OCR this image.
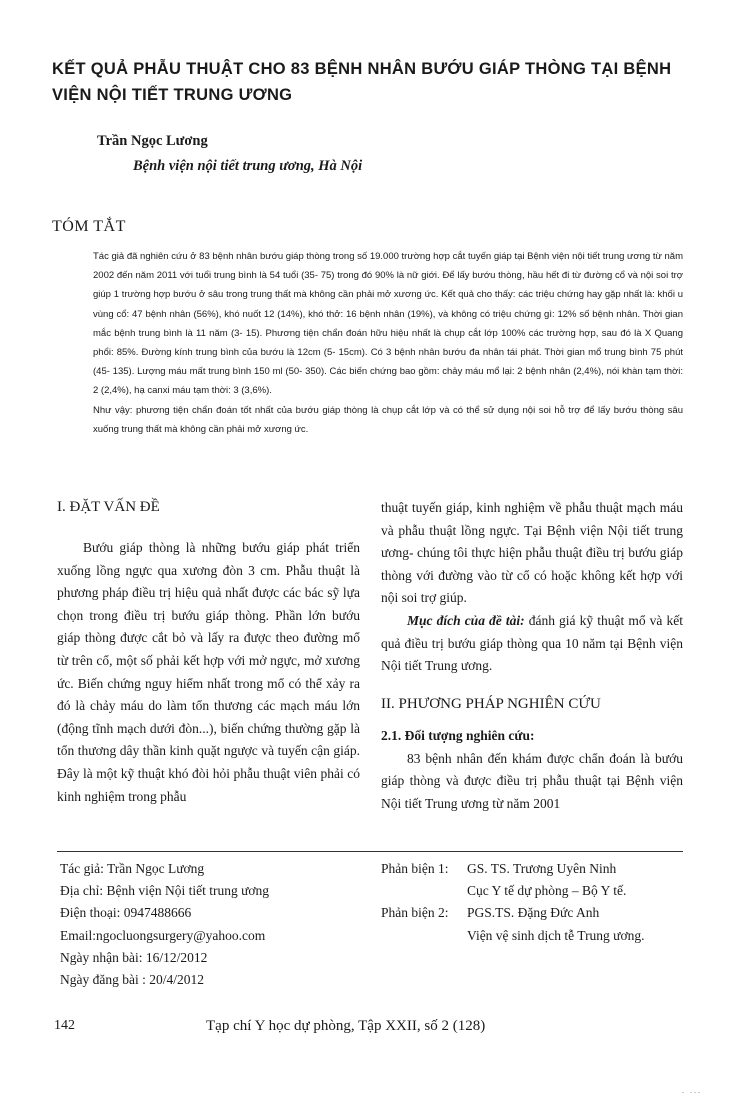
KẾT QUẢ PHẪU THUẬT CHO 83 BỆNH NHÂN BƯỚU GIÁP THÒNG TẠI BỆNH VIỆN NỘI TIẾT TRUNG ƯƠNG
Trần Ngọc Lương
Bệnh viện nội tiết trung ương, Hà Nội
TÓM TẮT

Tác giả đã nghiên cứu ở 83 bệnh nhân bướu giáp thòng trong số 19.000 trường hợp cắt tuyến giáp tại Bệnh viện nội tiết trung ương từ năm 2002 đến năm 2011 với tuổi trung bình là 54 tuổi (35- 75) trong đó 90% là nữ giới. Để lấy bướu thòng, hầu hết đi từ đường cổ và nội soi trợ giúp 1 trường hợp bướu ở sâu trong trung thất mà không cần phải mở xương ức. Kết quả cho thấy: các triệu chứng hay gặp nhất là: khối u vùng cổ: 47 bệnh nhân (56%), khó nuốt 12 (14%), khó thở: 16 bệnh nhân (19%), và không có triệu chứng gì: 12% số bệnh nhân. Thời gian mắc bệnh trung bình là 11 năm (3- 15). Phương tiện chẩn đoán hữu hiệu nhất là chụp cắt lớp 100% các trường hợp, sau đó là X Quang phổi: 85%. Đường kính trung bình của bướu là 12cm (5- 15cm). Có 3 bệnh nhân bướu đa nhân tái phát. Thời gian mổ trung bình 75 phút (45- 135). Lượng máu mất trung bình 150 ml (50- 350). Các biến chứng bao gồm: chảy máu mổ lại: 2 bệnh nhân (2,4%), nói khàn tạm thời: 2 (2,4%), hạ canxi máu tạm thời: 3 (3,6%).

Như vậy: phương tiện chẩn đoán tốt nhất của bướu giáp thòng là chụp cắt lớp và có thể sử dụng nội soi hỗ trợ để lấy bướu thòng sâu xuống trung thất mà không cần phải mở xương ức.

I. ĐẶT VẤN ĐỀ

Bướu giáp thòng là những bướu giáp phát triển xuống lồng ngực qua xương đòn 3 cm. Phẫu thuật là phương pháp điều trị hiệu quả nhất được các bác sỹ lựa chọn trong điều trị bướu giáp thòng. Phần lớn bướu giáp thòng được cắt bỏ và lấy ra được theo đường mổ từ trên cổ, một số phải kết hợp với mở ngực, mở xương ức. Biến chứng nguy hiểm nhất trong mổ có thể xảy ra đó là chảy máu do làm tổn thương các mạch máu lớn (động tĩnh mạch dưới đòn...), biến chứng thường gặp là tổn thương dây thần kinh quặt ngược và tuyến cận giáp. Đây là một kỹ thuật khó đòi hỏi phẫu thuật viên phải có kinh nghiệm trong phẫu

thuật tuyến giáp, kinh nghiệm về phẫu thuật mạch máu và phẫu thuật lồng ngực. Tại Bệnh viện Nội tiết trung ương- chúng tôi thực hiện phẫu thuật điều trị bướu giáp thòng với đường vào từ cổ có hoặc không kết hợp với nội soi trợ giúp.

Mục đích của đề tài: đánh giá kỹ thuật mổ và kết quả điều trị bướu giáp thòng qua 10 năm tại Bệnh viện Nội tiết Trung ương.

II. PHƯƠNG PHÁP NGHIÊN CỨU
2.1. Đối tượng nghiên cứu:

83 bệnh nhân đến khám được chẩn đoán là bướu giáp thòng và được điều trị phẫu thuật tại Bệnh viện Nội tiết Trung ương từ năm 2001

Tác giả: Trần Ngọc Lương
Địa chỉ: Bệnh viện Nội tiết trung ương
Điện thoại: 0947488666
Email:ngocluongsurgery@yahoo.com
Ngày nhận bài: 16/12/2012
Ngày đăng bài : 20/4/2012
Phản biện 1:	GS. TS. Trương Uyên Ninh
Cục Y tế dự phòng – Bộ Y tế.
Phản biện 2:	PGS.TS. Đặng Đức Anh
Viện vệ sinh dịch tễ Trung ương.
142	Tạp chí Y học dự phòng, Tập XXII, số 2 (128)
. ...
